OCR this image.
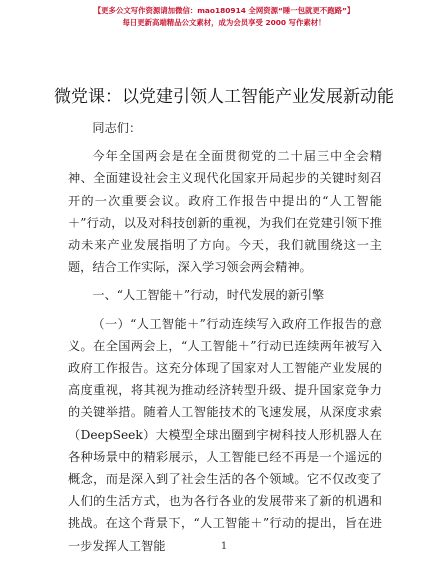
【更多公文写作资源请加微信：mao180914 全网资源“睡一包就更不跑路”】
每日更新高端精品公文素材，成为会员享受 2000 写作素材！
微党课：以党建引领人工智能产业发展新动能

同志们：

今年全国两会是在全面贯彻党的二十届三中全会精神、全面建设社会主义现代化国家开局起步的关键时刻召开的一次重要会议。政府工作报告中提出的“人工智能＋”行动，以及对科技创新的重视，为我们在党建引领下推动未来产业发展指明了方向。今天，我们就围绕这一主题，结合工作实际，深入学习领会两会精神。

一、“人工智能＋”行动，时代发展的新引擎

（一）“人工智能＋”行动连续写入政府工作报告的意义。在全国两会上，“人工智能＋”行动已连续两年被写入政府工作报告。这充分体现了国家对人工智能产业发展的高度重视，将其视为推动经济转型升级、提升国家竞争力的关键举措。随着人工智能技术的飞速发展，从深度求索（DeepSeek）大模型全球出圈到宇树科技人形机器人在各种场景中的精彩展示，人工智能已经不再是一个遥远的概念，而是深入到了社会生活的各个领域。它不仅改变了人们的生活方式，也为各行各业的发展带来了新的机遇和挑战。在这个背景下，“人工智能＋”行动的提出，旨在进一步发挥人工智能	1
